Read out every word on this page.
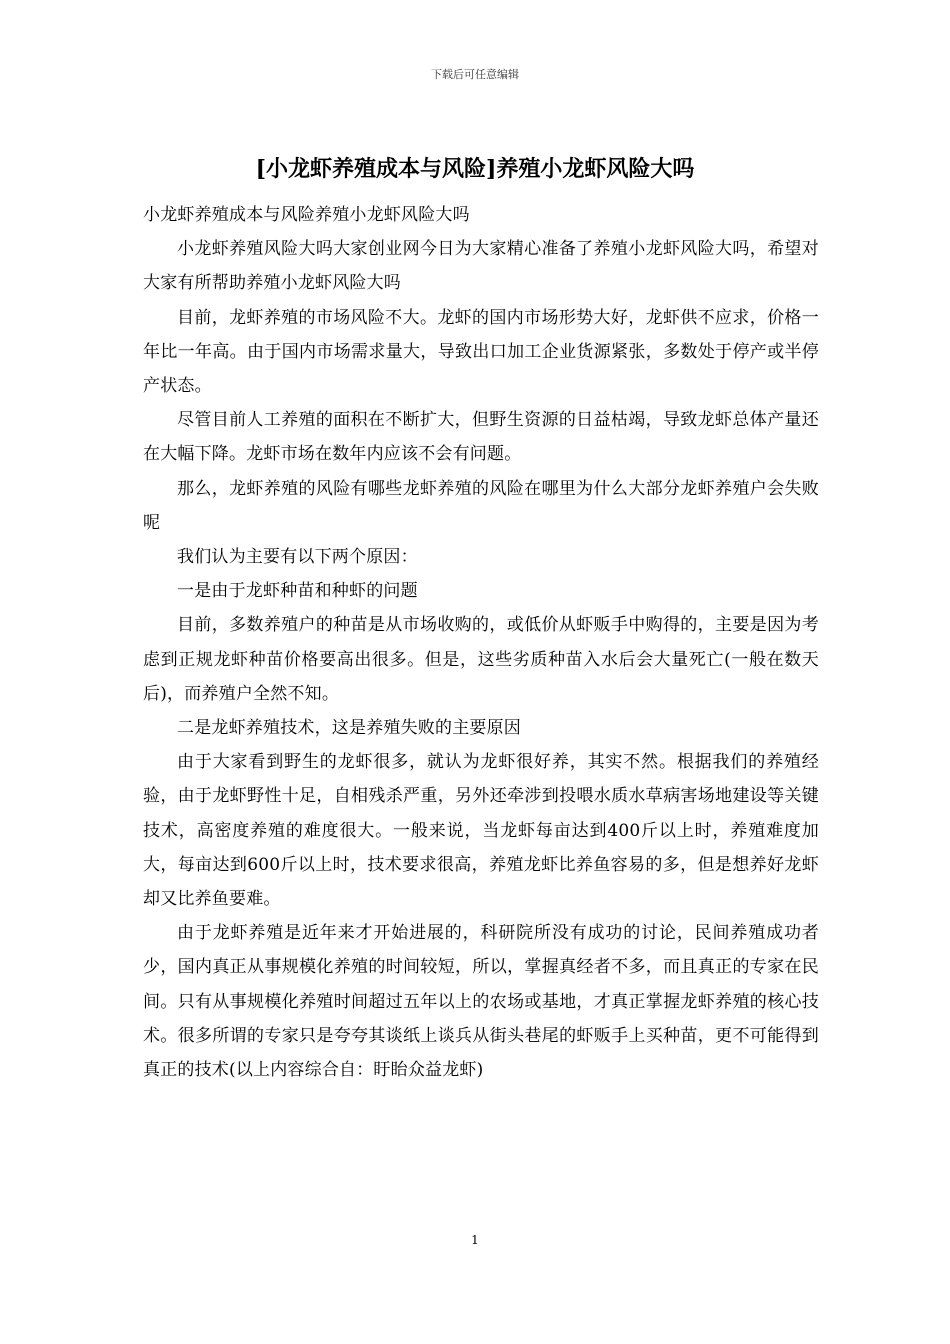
下载后可任意编辑
[小龙虾养殖成本与风险]养殖小龙虾风险大吗

小龙虾养殖成本与风险养殖小龙虾风险大吗

小龙虾养殖风险大吗大家创业网今日为大家精心准备了养殖小龙虾风险大吗，希望对大家有所帮助养殖小龙虾风险大吗

目前，龙虾养殖的市场风险不大。龙虾的国内市场形势大好，龙虾供不应求，价格一年比一年高。由于国内市场需求量大，导致出口加工企业货源紧张，多数处于停产或半停产状态。

尽管目前人工养殖的面积在不断扩大，但野生资源的日益枯竭，导致龙虾总体产量还在大幅下降。龙虾市场在数年内应该不会有问题。

那么，龙虾养殖的风险有哪些龙虾养殖的风险在哪里为什么大部分龙虾养殖户会失败呢

我们认为主要有以下两个原因：

一是由于龙虾种苗和种虾的问题

目前，多数养殖户的种苗是从市场收购的，或低价从虾贩手中购得的，主要是因为考虑到正规龙虾种苗价格要高出很多。但是，这些劣质种苗入水后会大量死亡(一般在数天后)，而养殖户全然不知。

二是龙虾养殖技术，这是养殖失败的主要原因

由于大家看到野生的龙虾很多，就认为龙虾很好养，其实不然。根据我们的养殖经验，由于龙虾野性十足，自相残杀严重，另外还牵涉到投喂水质水草病害场地建设等关键技术，高密度养殖的难度很大。一般来说，当龙虾每亩达到400斤以上时，养殖难度加大，每亩达到600斤以上时，技术要求很高，养殖龙虾比养鱼容易的多，但是想养好龙虾却又比养鱼要难。

由于龙虾养殖是近年来才开始进展的，科研院所没有成功的讨论，民间养殖成功者少，国内真正从事规模化养殖的时间较短，所以，掌握真经者不多，而且真正的专家在民间。只有从事规模化养殖时间超过五年以上的农场或基地，才真正掌握龙虾养殖的核心技术。很多所谓的专家只是夸夸其谈纸上谈兵从街头巷尾的虾贩手上买种苗，更不可能得到真正的技术(以上内容综合自：盱眙众益龙虾)

1
